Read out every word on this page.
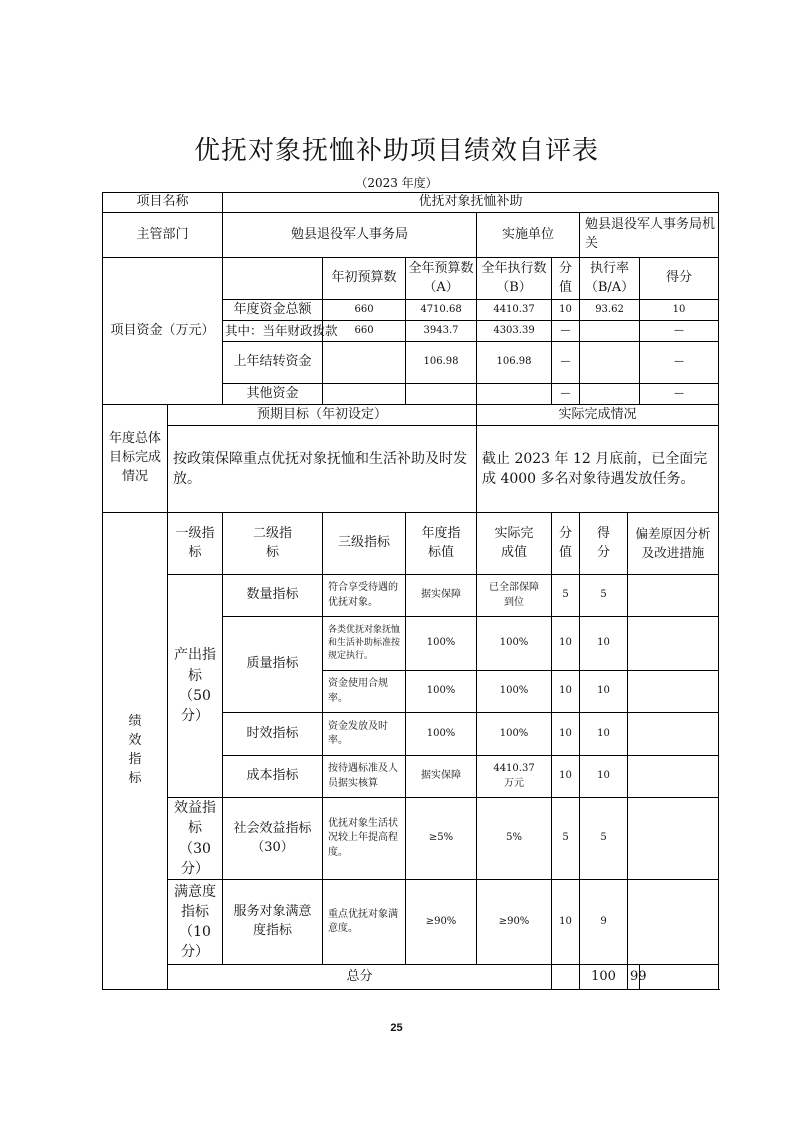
优抚对象抚恤补助项目绩效自评表
（2023 年度）
项目名称		优抚对象抚恤补助							
主管部门		勉县退役军人事务局			实施单位		勉县退役军人事务局机关		
项目资金（万元）			年初预算数	全年预算数（A）	全年执行数（B）	分值	执行率（B/A）		得分
		年度资金总额	660	4710.68	4410.37	10	93.62		10
		其中：当年财政拨款	660	3943.7	4303.39	—			—
		上年结转资金		106.98	106.98	—			—
		其他资金				—			—
年度总体目标完成情况	预期目标（年初设定）				实际完成情况				
	按政策保障重点优抚对象抚恤和生活补助及时发放。				截止 2023 年 12 月底前，已全面完成 4000 多名对象待遇发放任务。				
绩效指标	一级指标	二级指标	三级指标	年度指标值	实际完成值	分值	得分	偏差原因分析及改进措施	
	产出指标（50分）	数量指标	符合享受待遇的优抚对象。	据实保障	已全部保障到位	5	5		
		质量指标	各类优抚对象抚恤和生活补助标准按规定执行。	100%	100%	10	10		
			资金使用合规率。	100%	100%	10	10		
		时效指标	资金发放及时率。	100%	100%	10	10		
		成本指标	按待遇标准及人员据实核算	据实保障	4410.37 万元	10	10		
	效益指标（30分）	社会效益指标（30）	优抚对象生活状况较上年提高程度。	≥5%	5%	5	5		
	满意度指标（10分）	服务对象满意度指标	重点优抚对象满意度。	≥90%	≥90%	10	9		
	总分						100	99	
25
